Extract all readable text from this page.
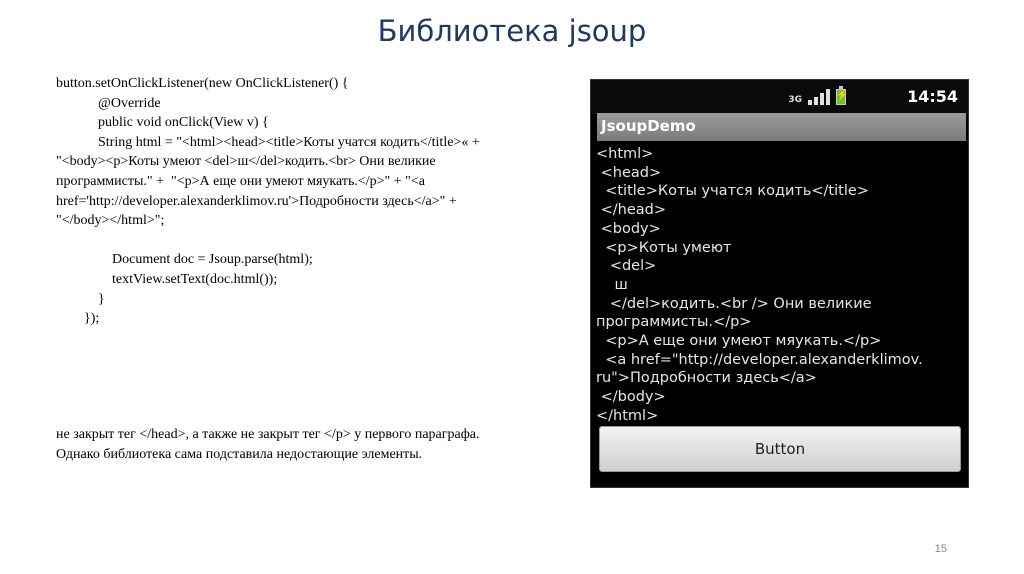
Библиотека jsoup
button.setOnClickListener(new OnClickListener() {
@Override
public void onClick(View v) {
String html = "<html><head><title>Коты учатся кодить</title>« +
"<body><p>Коты умеют <del>ш</del>кодить.<br> Они великие
программисты." +  "<p>А еще они умеют мяукать.</p>" + "<a
href='http://developer.alexanderklimov.ru'>Подробности здесь</a>" +
"</body></html>";

Document doc = Jsoup.parse(html);
textView.setText(doc.html());
}
});
не закрыт тег </head>, а также не закрыт тег </p> у первого параграфа. Однако библиотека сама подставила недостающие элементы.
3G
⚡	14:54
JsoupDemo
<html>
<head>
<title>Коты учатся кодить</title>
</head>
<body>
<p>Коты умеют
<del>
ш
</del>кодить.<br /> Они великие
программисты.</p>
<p>А еще они умеют мяукать.</p>
<a href="http://developer.alexanderklimov.
ru">Подробности здесь</a>
</body>
</html>
Button
15
